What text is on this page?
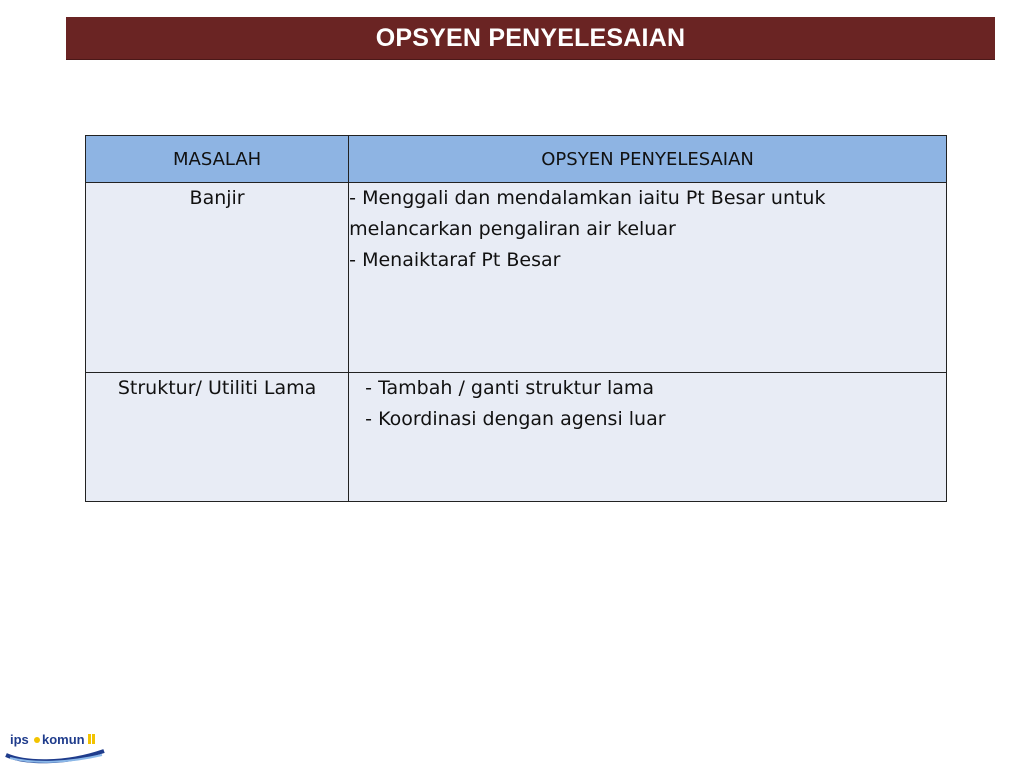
OPSYEN PENYELESAIAN
MASALAH	OPSYEN PENYELESAIAN
Banjir	- Menggali dan mendalamkan iaitu Pt Besar untuk
melancarkan pengaliran air keluar
- Menaiktaraf Pt Besar

Struktur/ Utiliti Lama	- Tambah / ganti struktur lama
- Koordinasi dengan agensi luar
ips komun
